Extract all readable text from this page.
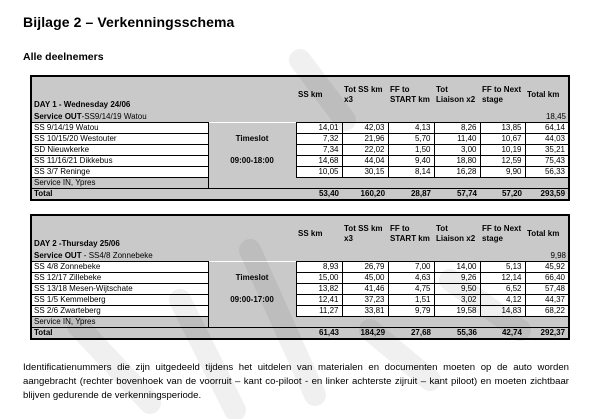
Bijlage 2 – Verkenningsschema
Alle deelnemers
DAY 1 - Wednesday 24/06		SS km	Tot SS km x3	FF to START km	Tot Liaison x2	FF to Next stage	Total km
Service OUT-SS9/14/19 Watou							18,45
SS 9/14/19 Watou		14,01	42,03	4,13	8,26	13,85	64,14
SS 10/15/20 Westouter	Timeslot	7,32	21,96	5,70	11,40	10,67	44,03
SD Nieuwkerke		7,34	22,02	1,50	3,00	10,19	35,21
SS 11/16/21 Dikkebus	09:00-18:00	14,68	44,04	9,40	18,80	12,59	75,43
SS 3/7 Reninge		10,05	30,15	8,14	16,28	9,90	56,33
Service IN, Ypres							
Total		53,40	160,20	28,87	57,74	57,20	293,59
DAY 2 -Thursday 25/06		SS km	Tot SS km x3	FF to START km	Tot Liaison x2	FF to Next stage	Total km
Service OUT - SS4/8 Zonnebeke							9,98
SS 4/8 Zonnebeke		8,93	26,79	7,00	14,00	5,13	45,92
SS 12/17 Zillebeke	Timeslot	15,00	45,00	4,63	9,26	12,14	66,40
SS 13/18 Mesen-Wijtschate		13,82	41,46	4,75	9,50	6,52	57,48
SS 1/5 Kemmelberg	09:00-17:00	12,41	37,23	1,51	3,02	4,12	44,37
SS 2/6 Zwarteberg		11,27	33,81	9,79	19,58	14,83	68,22
Service IN, Ypres							
Total		61,43	184,29	27,68	55,36	42,74	292,37
Identificatienummers die zijn uitgedeeld tijdens het uitdelen van materialen en documenten moeten op de auto worden aangebracht (rechter bovenhoek van de voorruit – kant co-piloot - en linker achterste zijruit – kant piloot) en moeten zichtbaar blijven gedurende de verkenningsperiode.
